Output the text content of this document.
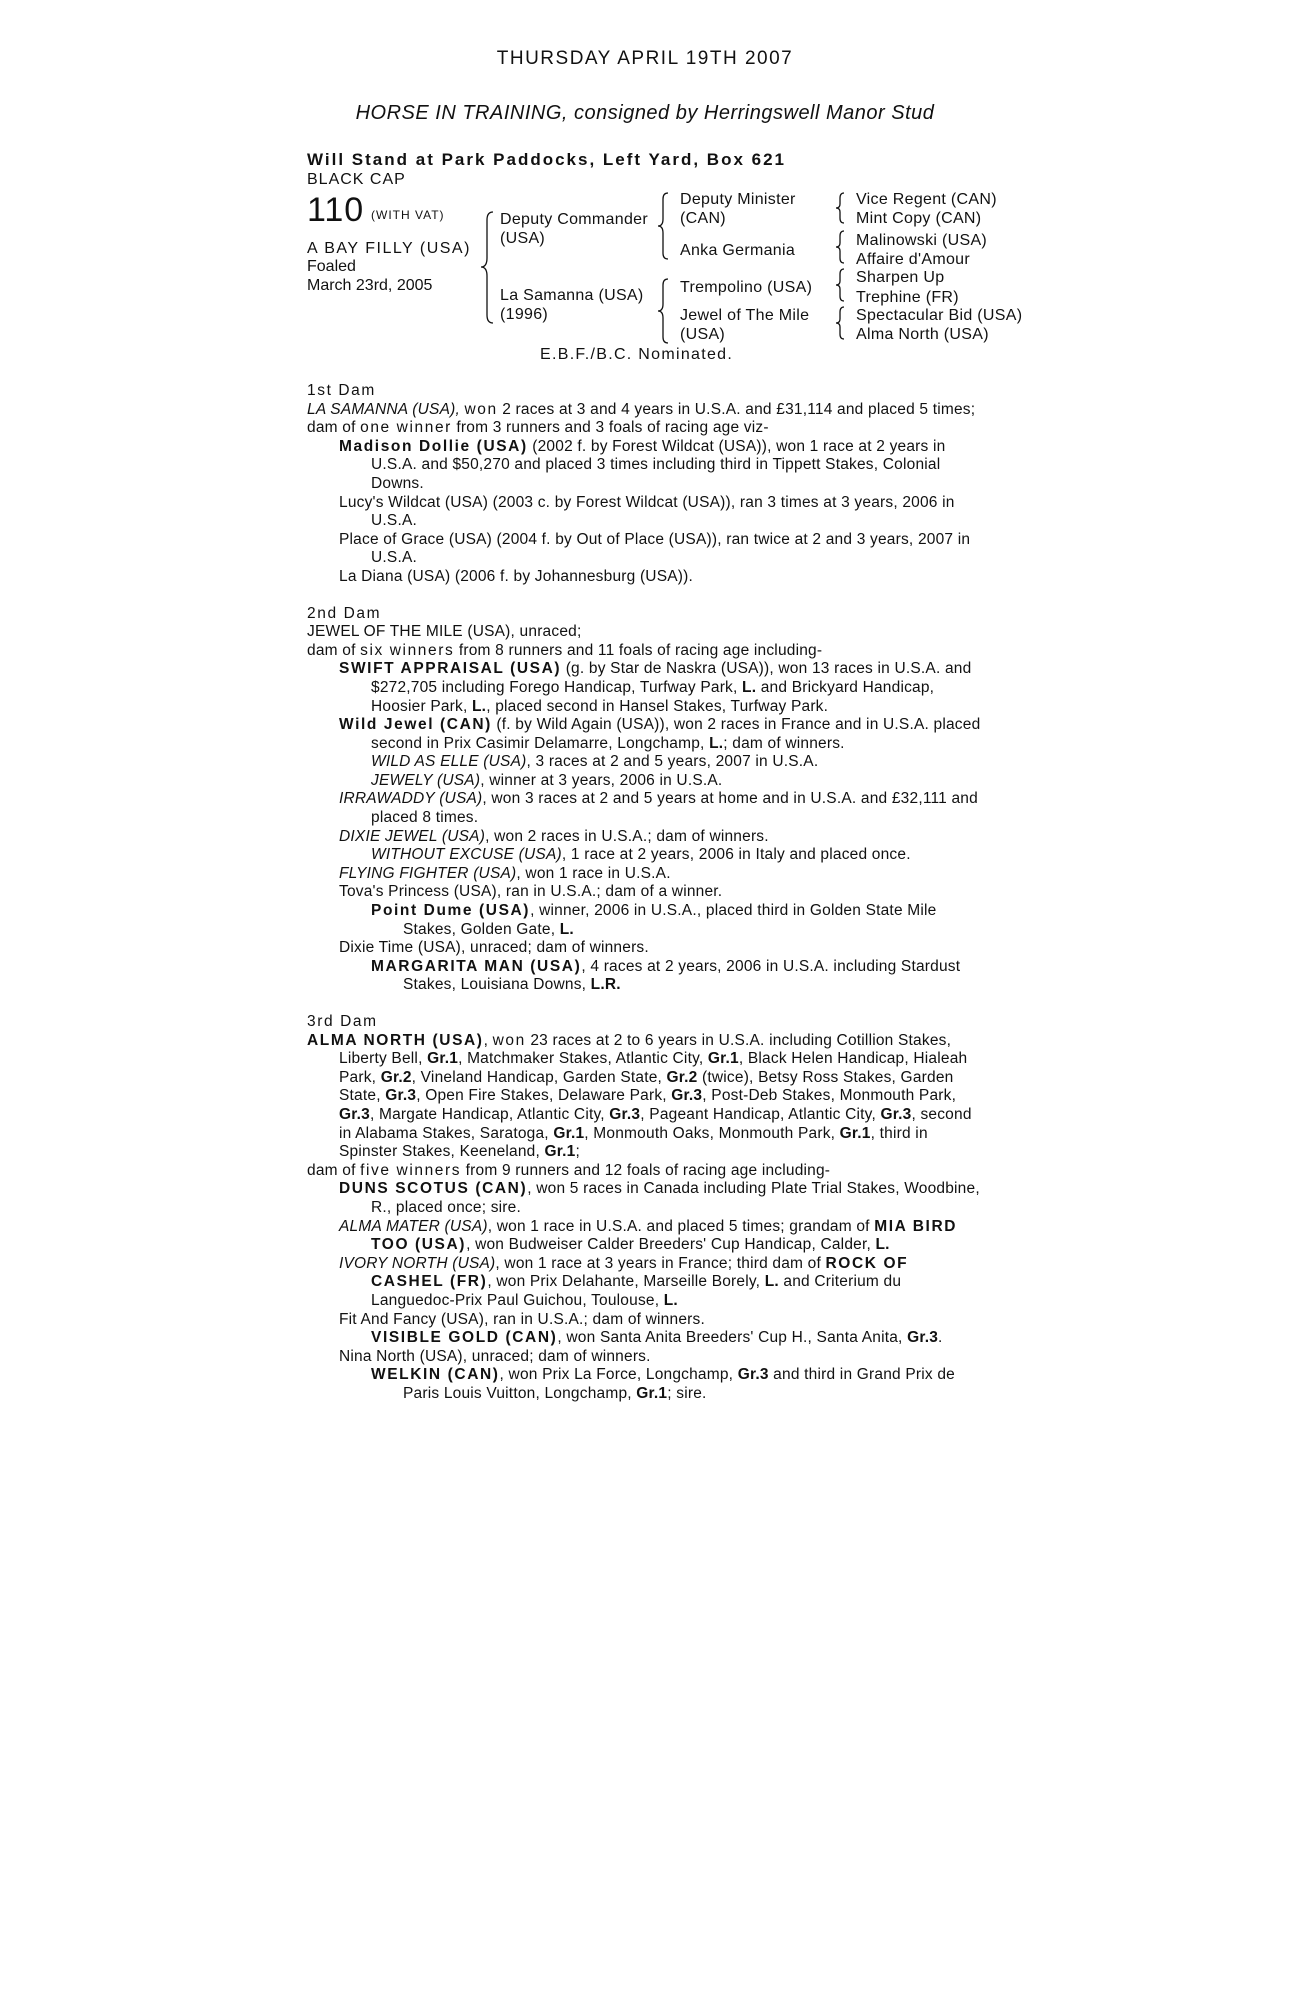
THURSDAY APRIL 19TH 2007
HORSE IN TRAINING, consigned by Herringswell Manor Stud
Will Stand at Park Paddocks, Left Yard, Box 621
BLACK CAP
110 (WITH VAT)
A BAY FILLY (USA)
Foaled
March 23rd, 2005
Deputy Commander
(USA)
La Samanna (USA)
(1996)
Deputy Minister
(CAN)
Anka Germania
Trempolino (USA)
Jewel of The Mile
(USA)
Vice Regent (CAN)
Mint Copy (CAN)
Malinowski (USA)
Affaire d'Amour
Sharpen Up
Trephine (FR)
Spectacular Bid (USA)
Alma North (USA)
E.B.F./B.C. Nominated.
1st Dam
LA SAMANNA (USA), won 2 races at 3 and 4 years in U.S.A. and £31,114 and placed 5 times;
dam of one winner from 3 runners and 3 foals of racing age viz-
Madison Dollie (USA) (2002 f. by Forest Wildcat (USA)), won 1 race at 2 years in U.S.A. and $50,270 and placed 3 times including third in Tippett Stakes, Colonial Downs.
Lucy's Wildcat (USA) (2003 c. by Forest Wildcat (USA)), ran 3 times at 3 years, 2006 in U.S.A.
Place of Grace (USA) (2004 f. by Out of Place (USA)), ran twice at 2 and 3 years, 2007 in U.S.A.
La Diana (USA) (2006 f. by Johannesburg (USA)).
2nd Dam
JEWEL OF THE MILE (USA), unraced;
dam of six winners from 8 runners and 11 foals of racing age including-
SWIFT APPRAISAL (USA) (g. by Star de Naskra (USA)), won 13 races in U.S.A. and $272,705 including Forego Handicap, Turfway Park, L. and Brickyard Handicap, Hoosier Park, L., placed second in Hansel Stakes, Turfway Park.
Wild Jewel (CAN) (f. by Wild Again (USA)), won 2 races in France and in U.S.A. placed second in Prix Casimir Delamarre, Longchamp, L.; dam of winners.
WILD AS ELLE (USA), 3 races at 2 and 5 years, 2007 in U.S.A.
JEWELY (USA), winner at 3 years, 2006 in U.S.A.
IRRAWADDY (USA), won 3 races at 2 and 5 years at home and in U.S.A. and £32,111 and placed 8 times.
DIXIE JEWEL (USA), won 2 races in U.S.A.; dam of winners.
WITHOUT EXCUSE (USA), 1 race at 2 years, 2006 in Italy and placed once.
FLYING FIGHTER (USA), won 1 race in U.S.A.
Tova's Princess (USA), ran in U.S.A.; dam of a winner.
Point Dume (USA), winner, 2006 in U.S.A., placed third in Golden State Mile Stakes, Golden Gate, L.
Dixie Time (USA), unraced; dam of winners.
MARGARITA MAN (USA), 4 races at 2 years, 2006 in U.S.A. including Stardust Stakes, Louisiana Downs, L.R.
3rd Dam
ALMA NORTH (USA), won 23 races at 2 to 6 years in U.S.A. including Cotillion Stakes, Liberty Bell, Gr.1, Matchmaker Stakes, Atlantic City, Gr.1, Black Helen Handicap, Hialeah Park, Gr.2, Vineland Handicap, Garden State, Gr.2 (twice), Betsy Ross Stakes, Garden State, Gr.3, Open Fire Stakes, Delaware Park, Gr.3, Post-Deb Stakes, Monmouth Park, Gr.3, Margate Handicap, Atlantic City, Gr.3, Pageant Handicap, Atlantic City, Gr.3, second in Alabama Stakes, Saratoga, Gr.1, Monmouth Oaks, Monmouth Park, Gr.1, third in Spinster Stakes, Keeneland, Gr.1;
dam of five winners from 9 runners and 12 foals of racing age including-
DUNS SCOTUS (CAN), won 5 races in Canada including Plate Trial Stakes, Woodbine, R., placed once; sire.
ALMA MATER (USA), won 1 race in U.S.A. and placed 5 times; grandam of MIA BIRD TOO (USA), won Budweiser Calder Breeders' Cup Handicap, Calder, L.
IVORY NORTH (USA), won 1 race at 3 years in France; third dam of ROCK OF CASHEL (FR), won Prix Delahante, Marseille Borely, L. and Criterium du Languedoc-Prix Paul Guichou, Toulouse, L.
Fit And Fancy (USA), ran in U.S.A.; dam of winners.
VISIBLE GOLD (CAN), won Santa Anita Breeders' Cup H., Santa Anita, Gr.3.
Nina North (USA), unraced; dam of winners.
WELKIN (CAN), won Prix La Force, Longchamp, Gr.3 and third in Grand Prix de Paris Louis Vuitton, Longchamp, Gr.1; sire.
